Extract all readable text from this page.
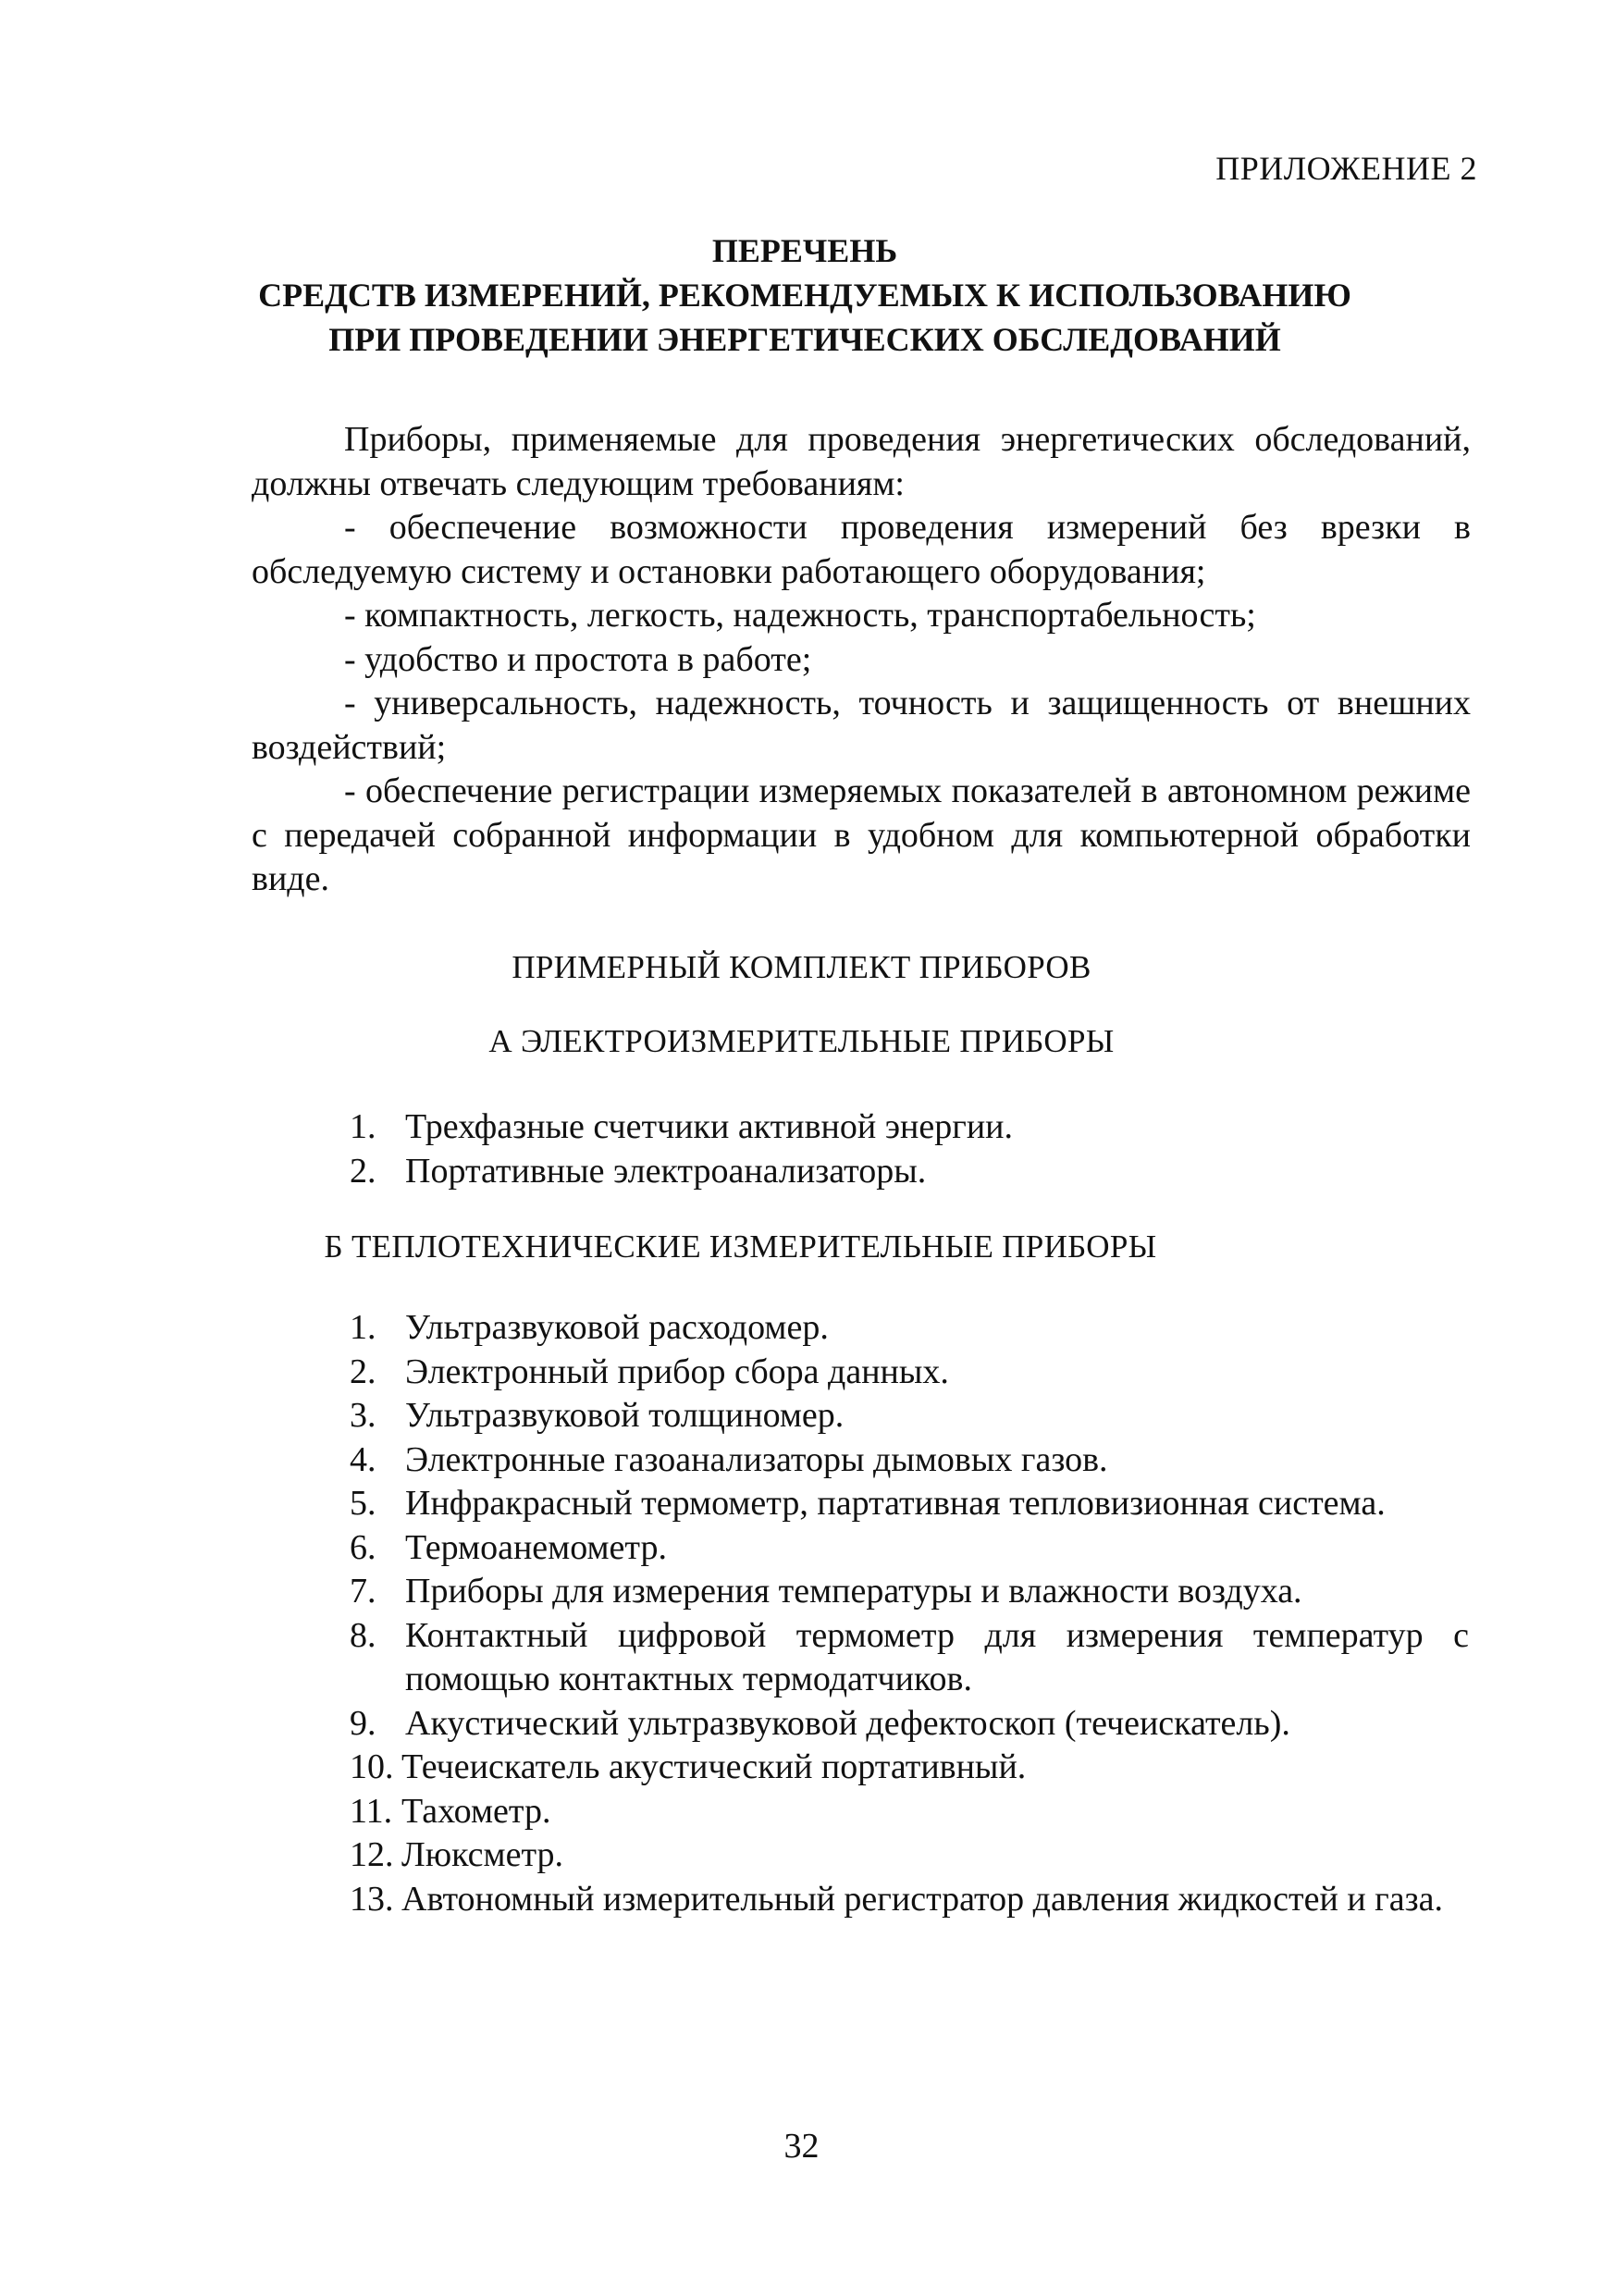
ПРИЛОЖЕНИЕ 2
ПЕРЕЧЕНЬ
СРЕДСТВ ИЗМЕРЕНИЙ, РЕКОМЕНДУЕМЫХ К ИСПОЛЬЗОВАНИЮ
ПРИ ПРОВЕДЕНИИ ЭНЕРГЕТИЧЕСКИХ ОБСЛЕДОВАНИЙ

Приборы, применяемые для проведения энергетических обследований, должны отвечать следующим требованиям:

- обеспечение возможности проведения измерений без врезки в обследуемую систему и остановки работающего оборудования;

- компактность, легкость, надежность, транспортабельность;

- удобство и простота в работе;

- универсальность, надежность, точность и защищенность от внешних воздействий;

- обеспечение регистрации измеряемых показателей в автономном режиме с передачей собранной информации в удобном для компьютерной обработки виде.

ПРИМЕРНЫЙ КОМПЛЕКТ ПРИБОРОВ
А ЭЛЕКТРОИЗМЕРИТЕЛЬНЫЕ ПРИБОРЫ
1. Трехфазные счетчики активной энергии.
2. Портативные электроанализаторы.
Б ТЕПЛОТЕХНИЧЕСКИЕ ИЗМЕРИТЕЛЬНЫЕ ПРИБОРЫ
1. Ультразвуковой расходомер.
2. Электронный прибор сбора данных.
3. Ультразвуковой толщиномер.
4. Электронные газоанализаторы дымовых газов.
5. Инфракрасный термометр, партативная тепловизионная система.
6. Термоанемометр.
7. Приборы для измерения температуры и влажности воздуха.
8. Контактный цифровой термометр для измерения температур с помощью контактных термодатчиков.
9. Акустический ультразвуковой дефектоскоп (течеискатель).
10. Течеискатель акустический портативный.
11. Тахометр.
12. Люксметр.
13. Автономный измерительный регистратор давления жидкостей и газа.
32
